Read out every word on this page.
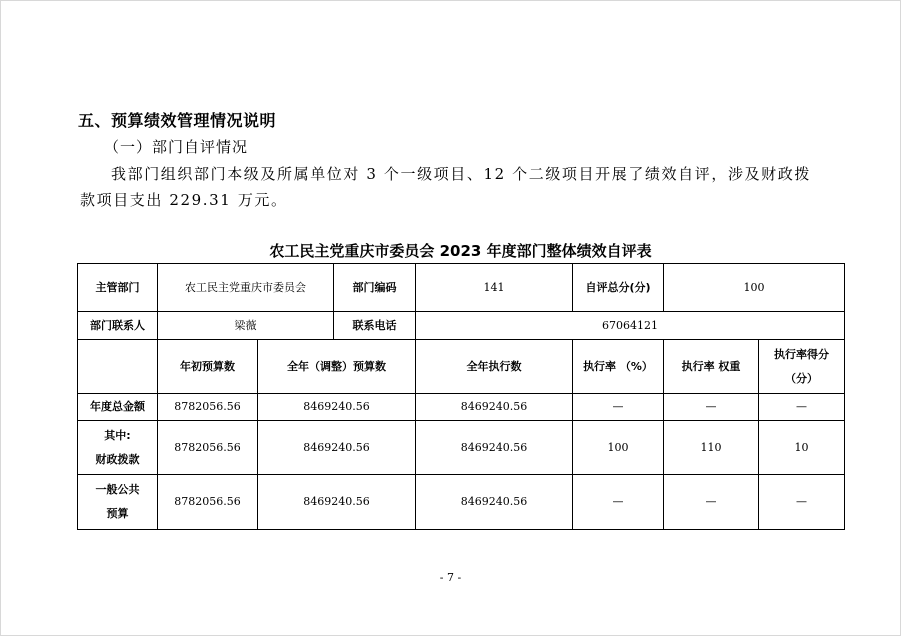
五、预算绩效管理情况说明
（一）部门自评情况
我部门组织部门本级及所属单位对 3 个一级项目、12 个二级项目开展了绩效自评，涉及财政拨
款项目支出 229.31 万元。
农工民主党重庆市委员会 2023 年度部门整体绩效自评表
主管部门	农工民主党重庆市委员会		部门编码	141	自评总分(分)	100	
部门联系人	梁薇		联系电话	67064121			
	年初预算数	全年（调整）预算数		全年执行数	执行率 （%）	执行率 权重	执行率得分
（分）

年度总金额	8782056.56	8469240.56		8469240.56	—	—	—

其中:
财政拨款	8782056.56	8469240.56		8469240.56	100	110	10

一般公共
预算	8782056.56	8469240.56		8469240.56	—	—	—
- 7 -
